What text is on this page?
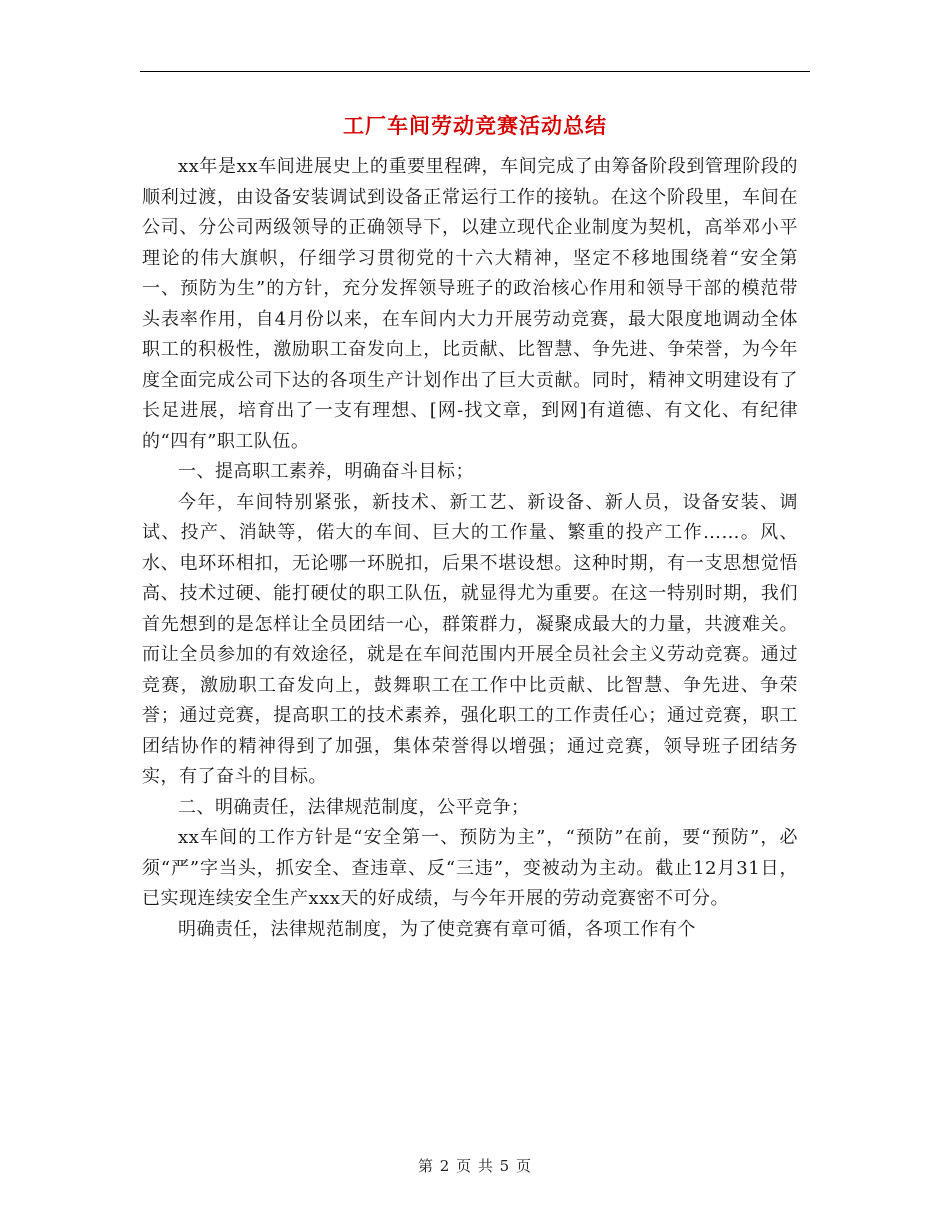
工厂车间劳动竞赛活动总结

xx年是xx车间进展史上的重要里程碑，车间完成了由筹备阶段到管理阶段的顺利过渡，由设备安装调试到设备正常运行工作的接轨。在这个阶段里，车间在公司、分公司两级领导的正确领导下，以建立现代企业制度为契机，高举邓小平理论的伟大旗帜，仔细学习贯彻党的十六大精神，坚定不移地围绕着“安全第一、预防为生”的方针，充分发挥领导班子的政治核心作用和领导干部的模范带头表率作用，自4月份以来，在车间内大力开展劳动竞赛，最大限度地调动全体职工的积极性，激励职工奋发向上，比贡献、比智慧、争先进、争荣誉，为今年度全面完成公司下达的各项生产计划作出了巨大贡献。同时，精神文明建设有了长足进展，培育出了一支有理想、[网-找文章，到网]有道德、有文化、有纪律的“四有”职工队伍。

一、提高职工素养，明确奋斗目标；

今年，车间特别紧张，新技术、新工艺、新设备、新人员，设备安装、调试、投产、消缺等，偌大的车间、巨大的工作量、繁重的投产工作……。风、水、电环环相扣，无论哪一环脱扣，后果不堪设想。这种时期，有一支思想觉悟高、技术过硬、能打硬仗的职工队伍，就显得尤为重要。在这一特别时期，我们首先想到的是怎样让全员团结一心，群策群力，凝聚成最大的力量，共渡难关。而让全员参加的有效途径，就是在车间范围内开展全员社会主义劳动竞赛。通过竞赛，激励职工奋发向上，鼓舞职工在工作中比贡献、比智慧、争先进、争荣誉；通过竞赛，提高职工的技术素养，强化职工的工作责任心；通过竞赛，职工团结协作的精神得到了加强，集体荣誉得以增强；通过竞赛，领导班子团结务实，有了奋斗的目标。

二、明确责任，法律规范制度，公平竞争；

xx车间的工作方针是“安全第一、预防为主”，“预防”在前，要“预防”，必须“严”字当头，抓安全、查违章、反“三违”，变被动为主动。截止12月31日，已实现连续安全生产xxx天的好成绩，与今年开展的劳动竞赛密不可分。

明确责任，法律规范制度，为了使竞赛有章可循，各项工作有个

第 2 页 共 5 页
